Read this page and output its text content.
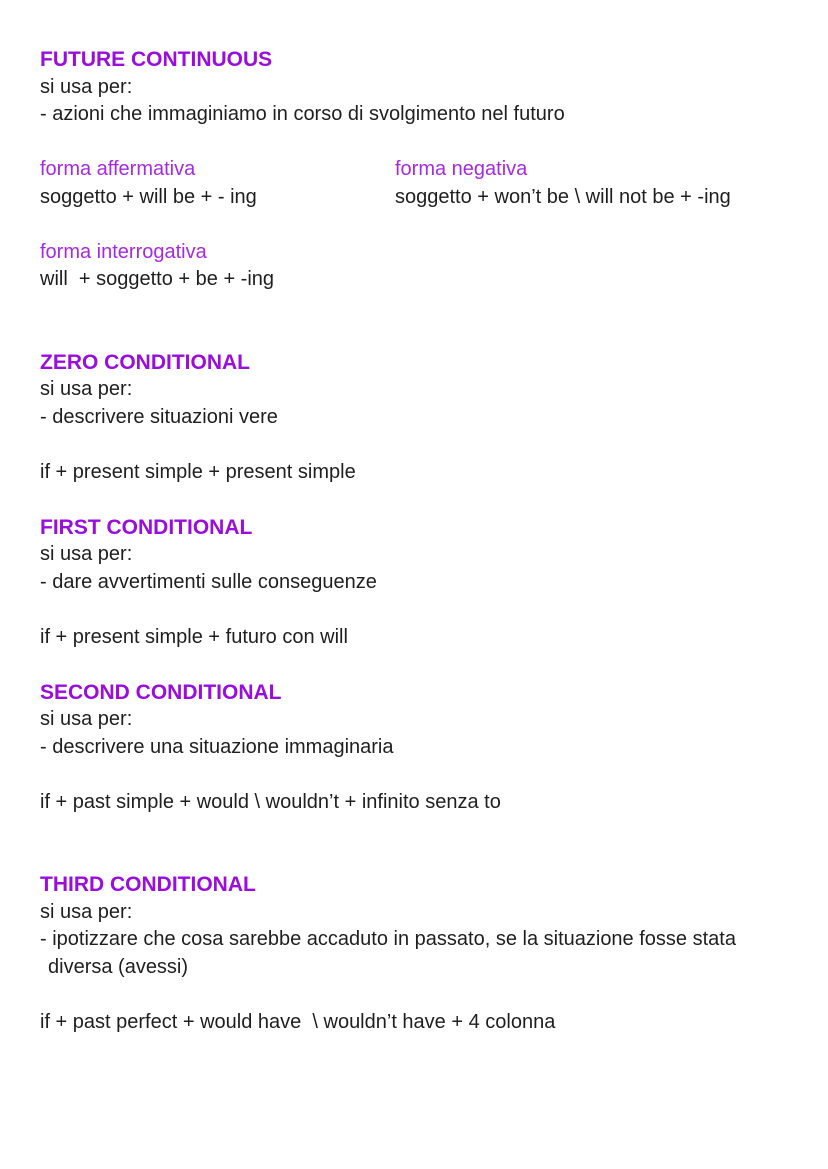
FUTURE CONTINUOUS
si usa per:
- azioni che immaginiamo in corso di svolgimento nel futuro
forma affermativa
soggetto + will be + - ing
forma negativa
soggetto + won’t be \ will not be + -ing
forma interrogativa
will  + soggetto + be + -ing
ZERO CONDITIONAL
si usa per:
- descrivere situazioni vere
if + present simple + present simple
FIRST CONDITIONAL
si usa per:
- dare avvertimenti sulle conseguenze
if + present simple + futuro con will
SECOND CONDITIONAL
si usa per:
- descrivere una situazione immaginaria
if + past simple + would \ wouldn’t + infinito senza to
THIRD CONDITIONAL
si usa per:
- ipotizzare che cosa sarebbe accaduto in passato, se la situazione fosse stata
diversa (avessi)
if + past perfect + would have  \ wouldn’t have + 4 colonna
